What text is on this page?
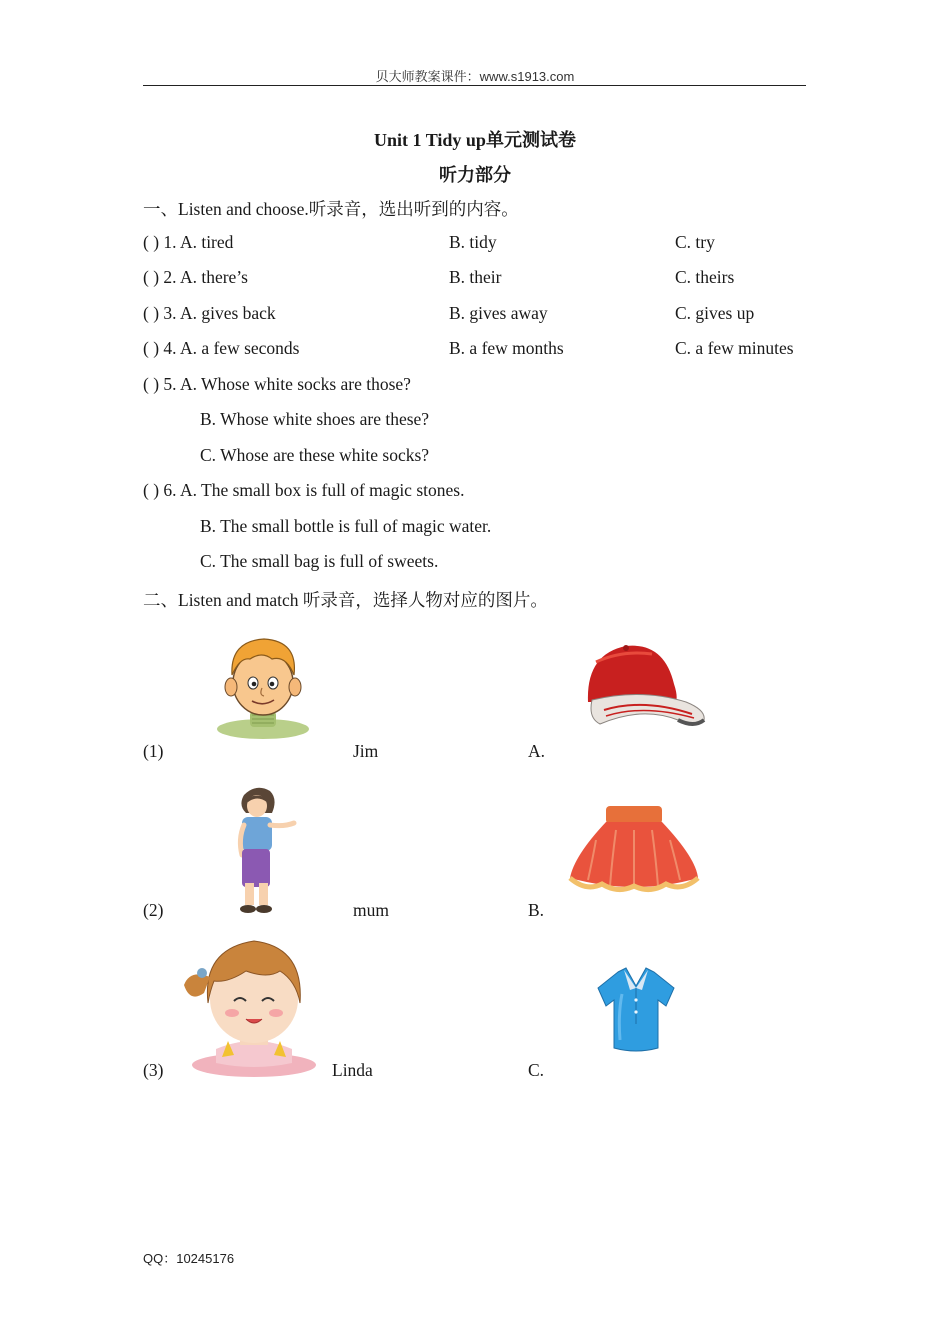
贝大师教案课件：www.s1913.com
Unit 1 Tidy up单元测试卷
听力部分
一、Listen and choose.听录音，选出听到的内容。
( ) 1. A. tired	B. tidy	C. try
( ) 2. A. there’s	B. their	C. theirs
( ) 3. A. gives back	B. gives away	C. gives up
( ) 4. A. a few seconds	B. a few months	C. a few minutes
( ) 5. A. Whose white socks are those?
B. Whose white shoes are these?
C. Whose are these white socks?
( ) 6. A. The small box is full of magic stones.
B. The small bottle is full of magic water.
C. The small bag is full of sweets.
二、Listen and match 听录音，选择人物对应的图片。
(1)	Jim	A.
(2)	mum	B.
(3)	Linda	C.
QQ：10245176
